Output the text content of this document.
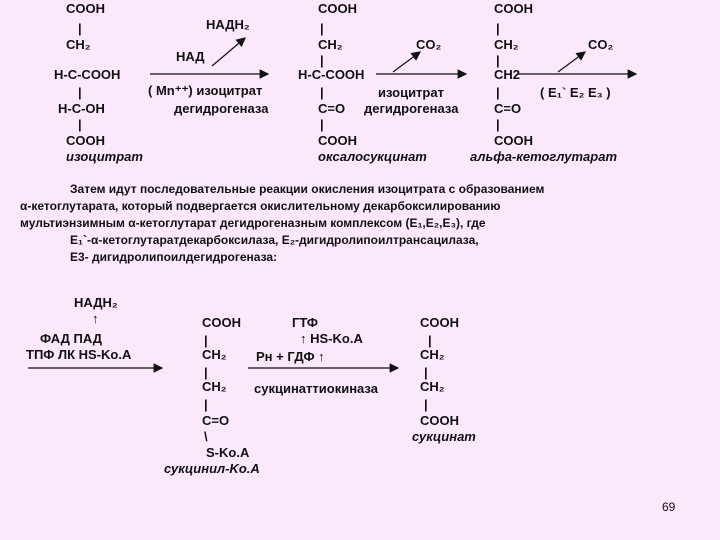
COOH
|
CH₂
H-C-COOH
|
H-C-OH
|
COOH
изоцитрат
НАДН₂
НАД
( Mn⁺⁺) изоцитрат
дегидрогеназа
COOH
|
CH₂
|
H-C-COOH
|
C=O
|
COOH
оксалосукцинат
CO₂
изоцитрат
дегидрогеназа
COOH
|
CH₂
|
CH2
|
C=O
|
COOH
альфа-кетоглутарат
CO₂
( E₁` E₂ E₃ )
Затем идут последовательные реакции окисления изоцитрата с образованием
α-кетоглутарата, который подвергается окислительному декарбоксилированию
мультиэнзимным α-кетоглутарат дегидрогеназным комплексом (E₁,E₂,E₃), где
E₁`-α-кетоглутаратдекарбоксилаза, E₂-дигидролипоилтрансацилаза,
E3- дигидролипоилдегидрогеназа:
НАДН₂
↑
ФАД ПАД
ТПФ ЛК HS-Ko.A
COOH
|
CH₂
|
CH₂
|
C=O
\
S-Ko.A
сукцинил-Ko.A
ГТФ
↑ HS-Ko.A
Pн + ГДФ ↑
сукцинаттиокиназа
COOH
|
CH₂
|
CH₂
|
COOH
сукцинат
69
